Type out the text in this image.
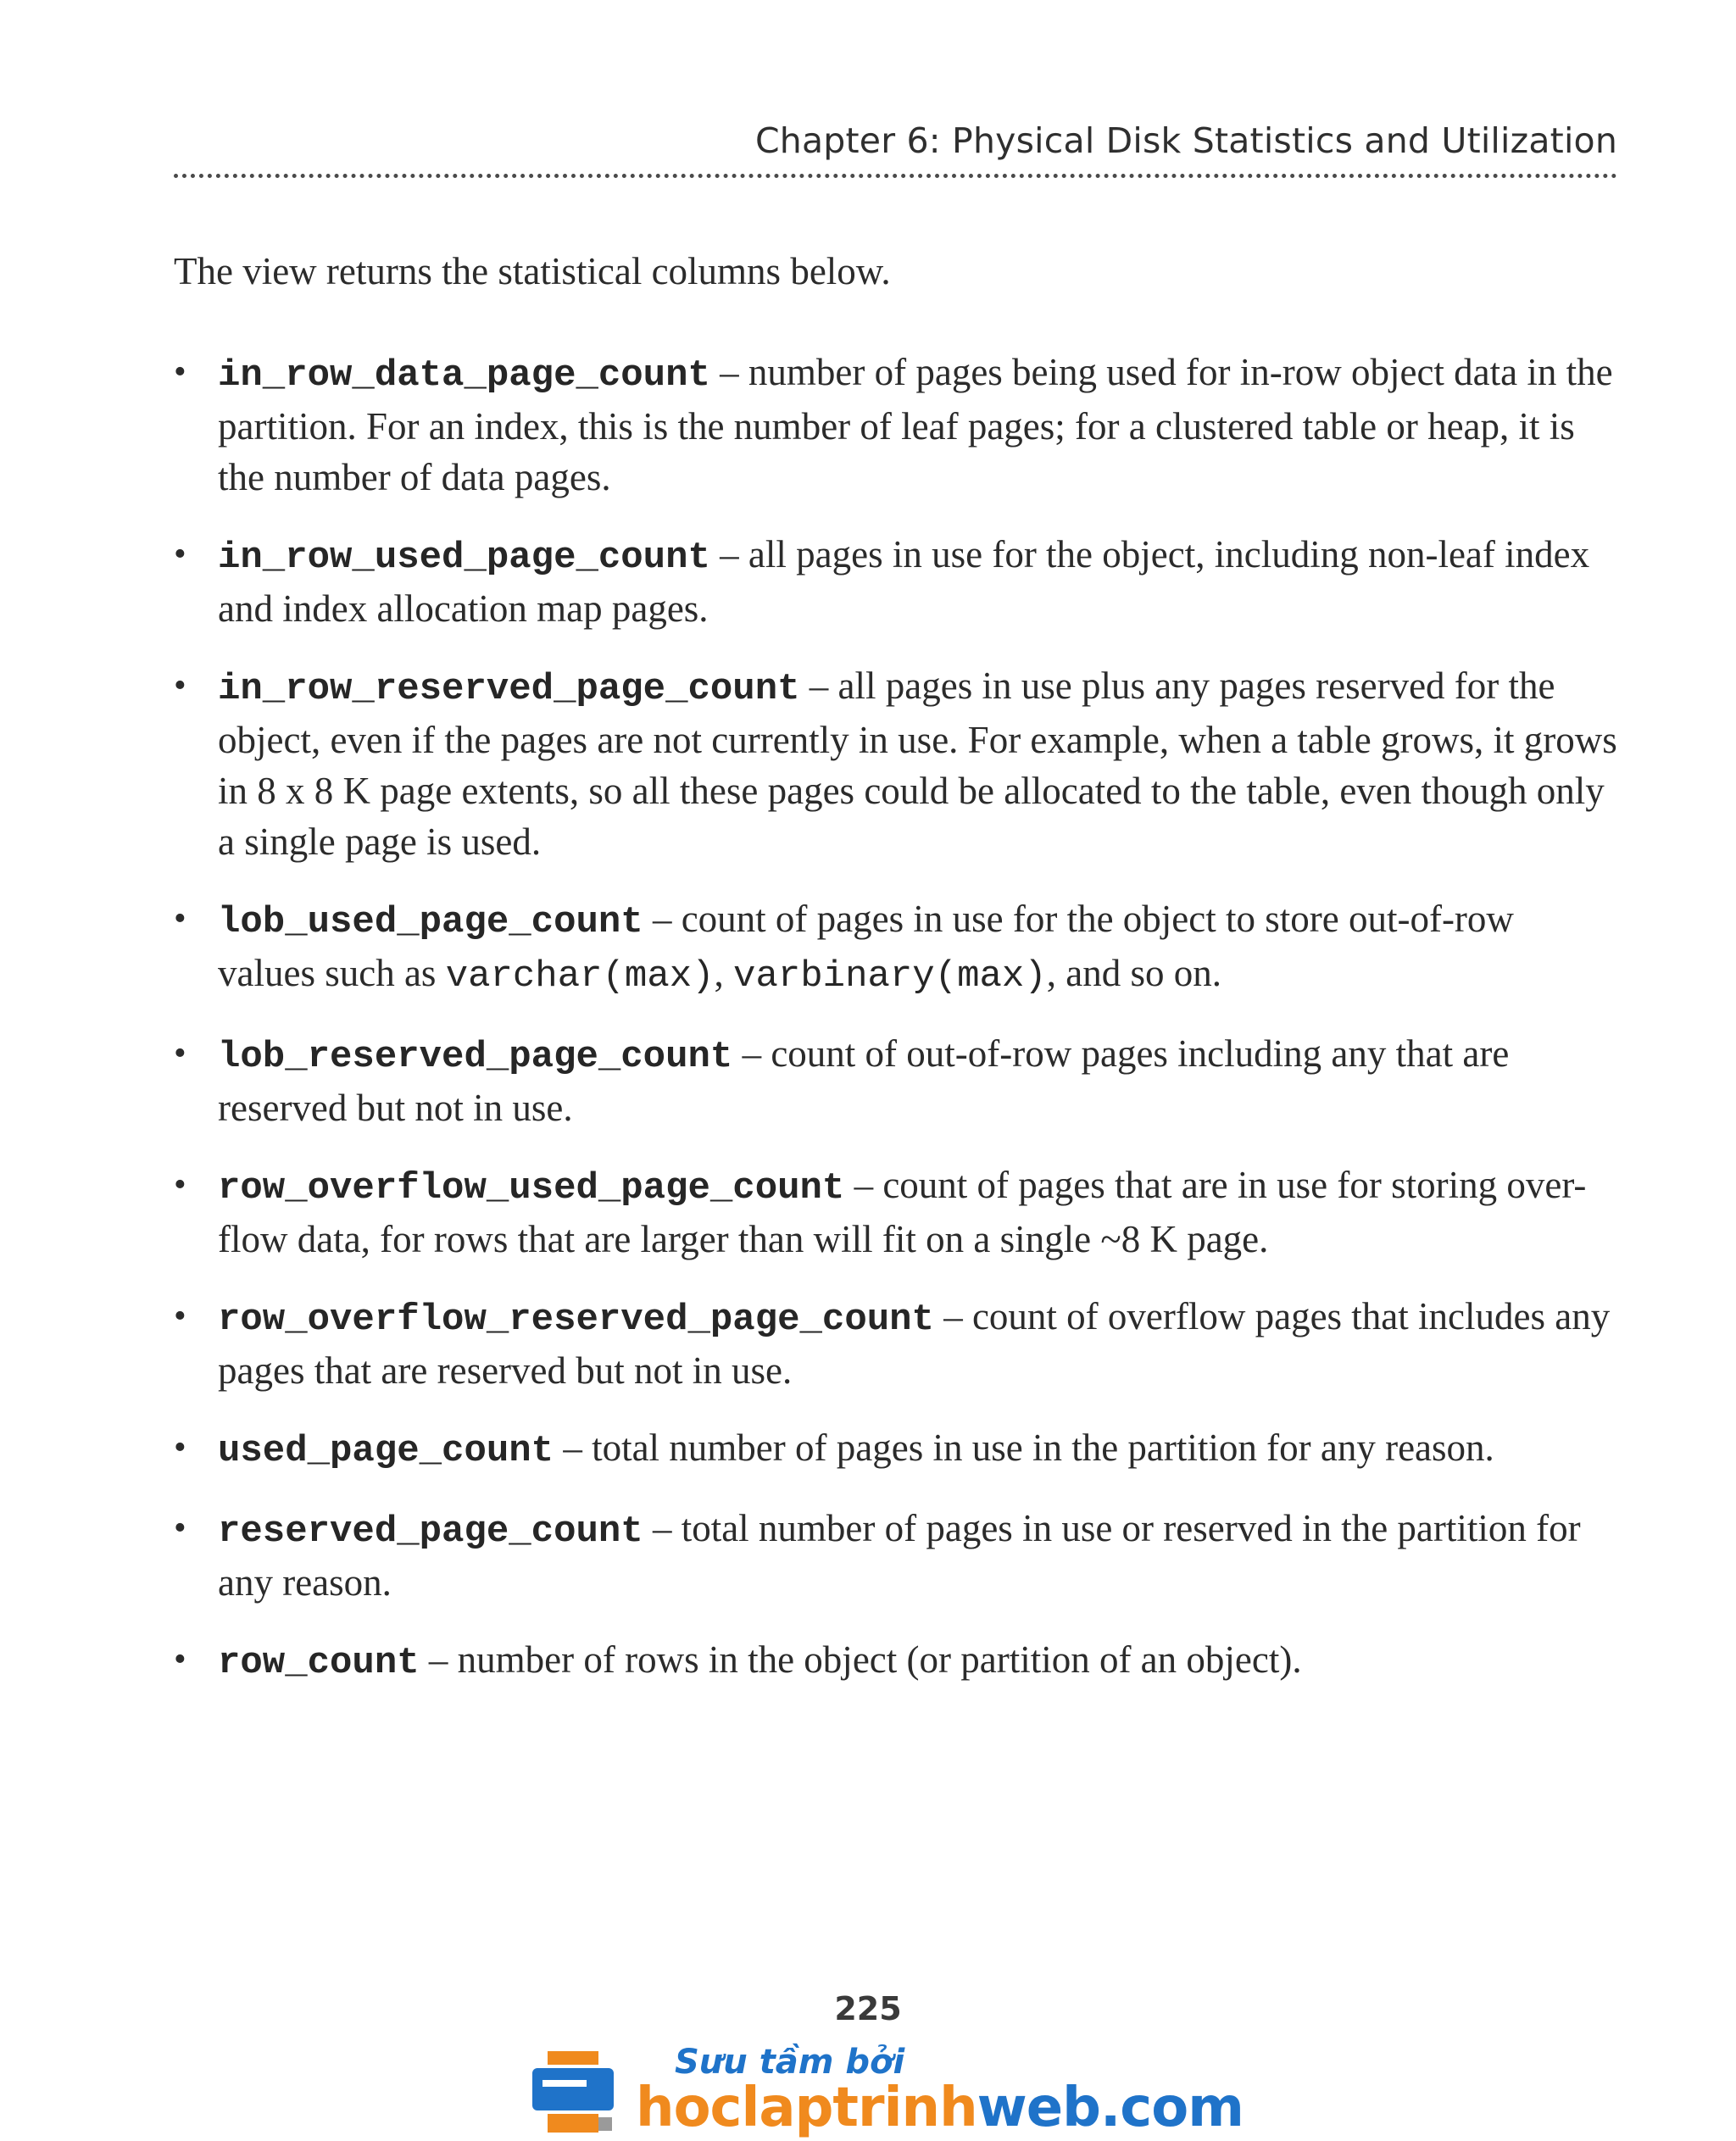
Chapter 6: Physical Disk Statistics and Utilization

The view returns the statistical columns below.

• in_row_data_page_count – number of pages being used for in-row object data in the partition. For an index, this is the number of leaf pages; for a clustered table or heap, it is the number of data pages.
• in_row_used_page_count – all pages in use for the object, including non-leaf index and index allocation map pages.
• in_row_reserved_page_count – all pages in use plus any pages reserved for the object, even if the pages are not currently in use. For example, when a table grows, it grows in 8 x 8 K page extents, so all these pages could be allocated to the table, even though only a single page is used.
• lob_used_page_count – count of pages in use for the object to store out-of-row values such as varchar(max), varbinary(max), and so on.
• lob_reserved_page_count – count of out-of-row pages including any that are reserved but not in use.
• row_overflow_used_page_count – count of pages that are in use for storing over-flow data, for rows that are larger than will fit on a single ~8 K page.
• row_overflow_reserved_page_count – count of overflow pages that includes any pages that are reserved but not in use.
• used_page_count – total number of pages in use in the partition for any reason.
• reserved_page_count – total number of pages in use or reserved in the partition for any reason.
• row_count – number of rows in the object (or partition of an object).
225
Sưu tầm bởi
hoclaptrinhweb.com
